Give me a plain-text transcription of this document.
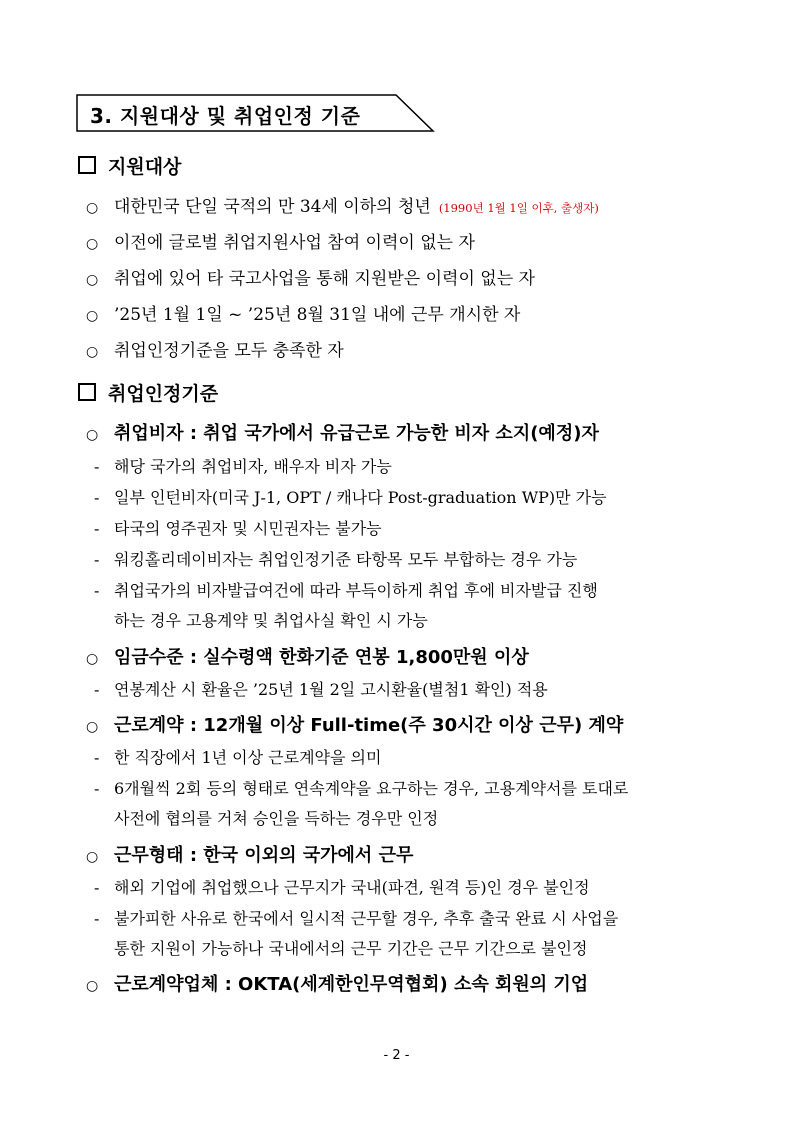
3. 지원대상 및 취업인정 기준
지원대상
○ 대한민국 단일 국적의 만 34세 이하의 청년 (1990년 1월 1일 이후, 출생자)
○ 이전에 글로벌 취업지원사업 참여 이력이 없는 자
○ 취업에 있어 타 국고사업을 통해 지원받은 이력이 없는 자
○ ’25년 1월 1일 ~ ’25년 8월 31일 내에 근무 개시한 자
○ 취업인정기준을 모두 충족한 자
취업인정기준
○ 취업비자 : 취업 국가에서 유급근로 가능한 비자 소지(예정)자
- 해당 국가의 취업비자, 배우자 비자 가능
- 일부 인턴비자(미국 J-1, OPT / 캐나다 Post-graduation WP)만 가능
- 타국의 영주권자 및 시민권자는 불가능
- 워킹홀리데이비자는 취업인정기준 타항목 모두 부합하는 경우 가능
- 취업국가의 비자발급여건에 따라 부득이하게 취업 후에 비자발급 진행
하는 경우 고용계약 및 취업사실 확인 시 가능
○ 임금수준 : 실수령액 한화기준 연봉 1,800만원 이상
- 연봉계산 시 환율은 ’25년 1월 2일 고시환율(별첨1 확인) 적용
○ 근로계약 : 12개월 이상 Full-time(주 30시간 이상 근무) 계약
- 한 직장에서 1년 이상 근로계약을 의미
- 6개월씩 2회 등의 형태로 연속계약을 요구하는 경우, 고용계약서를 토대로
사전에 협의를 거쳐 승인을 득하는 경우만 인정
○ 근무형태 : 한국 이외의 국가에서 근무
- 해외 기업에 취업했으나 근무지가 국내(파견, 원격 등)인 경우 불인정
- 불가피한 사유로 한국에서 일시적 근무할 경우, 추후 출국 완료 시 사업을
통한 지원이 가능하나 국내에서의 근무 기간은 근무 기간으로 불인정
○ 근로계약업체 : OKTA(세계한인무역협회) 소속 회원의 기업
- 2 -
